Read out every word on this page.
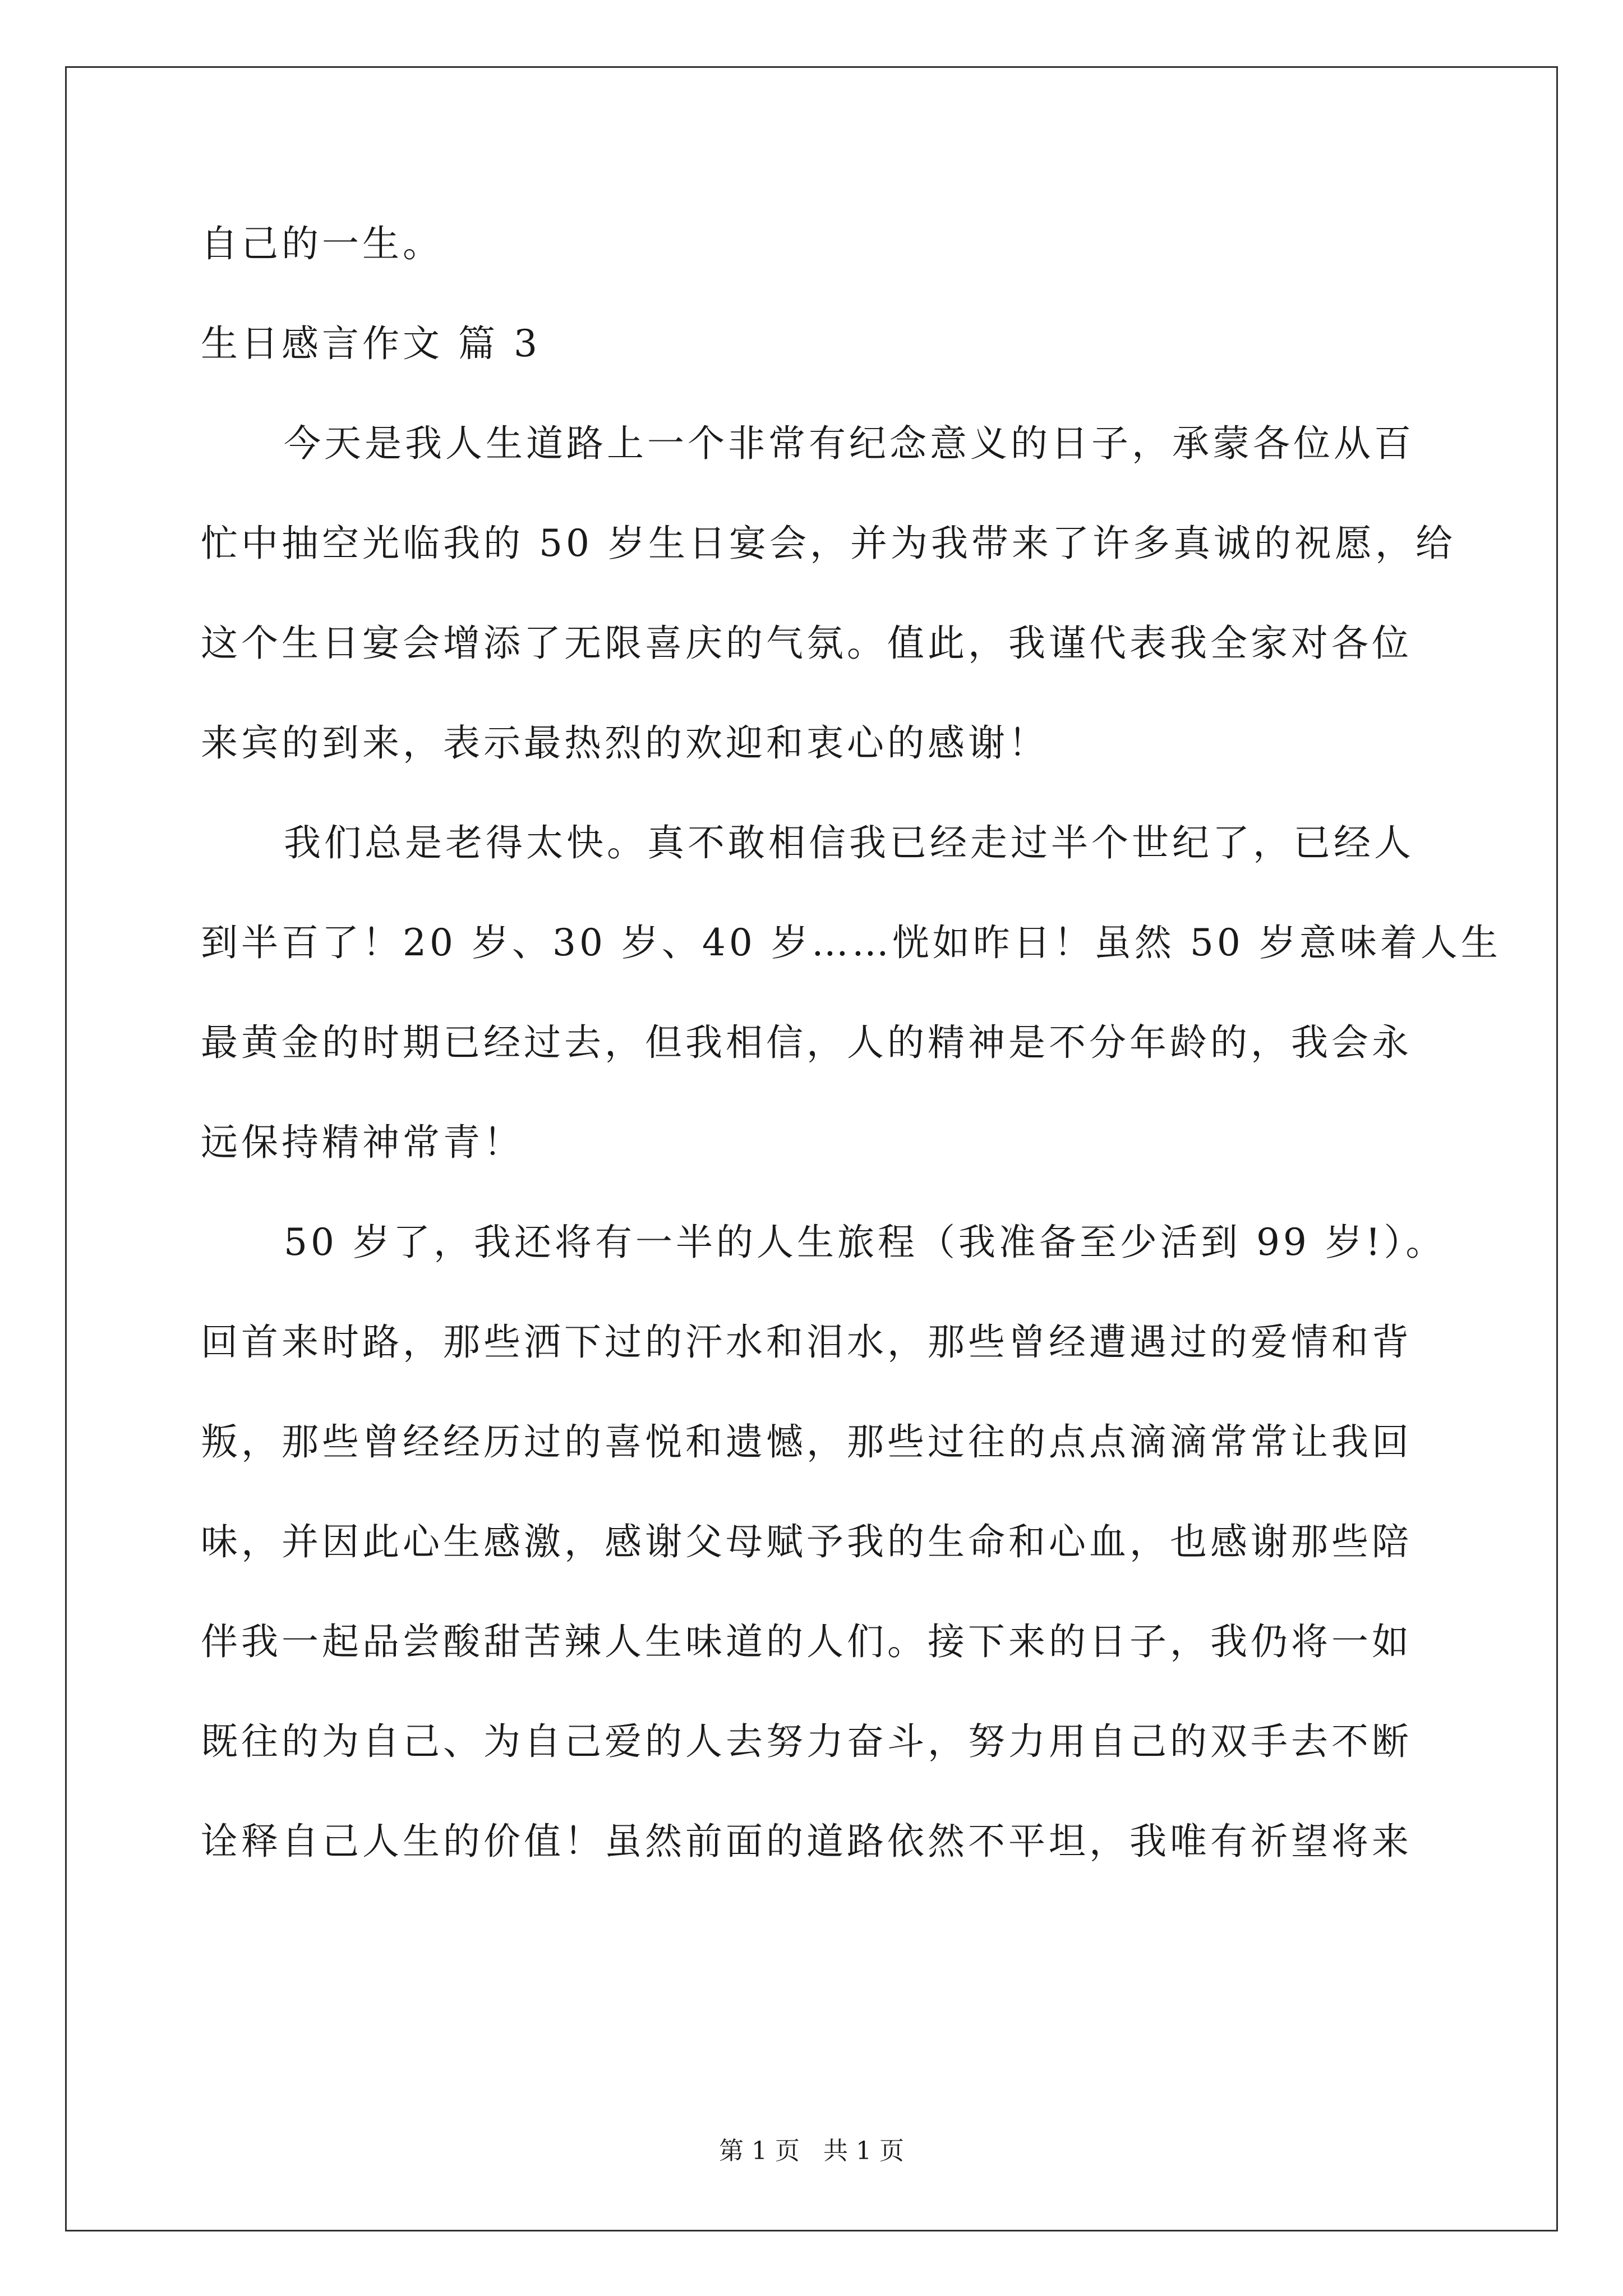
自己的一生。
生日感言作文 篇 3
今天是我人生道路上一个非常有纪念意义的日子，承蒙各位从百
忙中抽空光临我的 50 岁生日宴会，并为我带来了许多真诚的祝愿，给
这个生日宴会增添了无限喜庆的气氛。值此，我谨代表我全家对各位
来宾的到来，表示最热烈的欢迎和衷心的感谢！
我们总是老得太快。真不敢相信我已经走过半个世纪了，已经人
到半百了！20 岁、30 岁、40 岁……恍如昨日！虽然 50 岁意味着人生
最黄金的时期已经过去，但我相信，人的精神是不分年龄的，我会永
远保持精神常青！
50 岁了，我还将有一半的人生旅程（我准备至少活到 99 岁!）。
回首来时路，那些洒下过的汗水和泪水，那些曾经遭遇过的爱情和背
叛，那些曾经经历过的喜悦和遗憾，那些过往的点点滴滴常常让我回
味，并因此心生感激，感谢父母赋予我的生命和心血，也感谢那些陪
伴我一起品尝酸甜苦辣人生味道的人们。接下来的日子，我仍将一如
既往的为自己、为自己爱的人去努力奋斗，努力用自己的双手去不断
诠释自己人生的价值！虽然前面的道路依然不平坦，我唯有祈望将来
第 1 页   共 1 页
